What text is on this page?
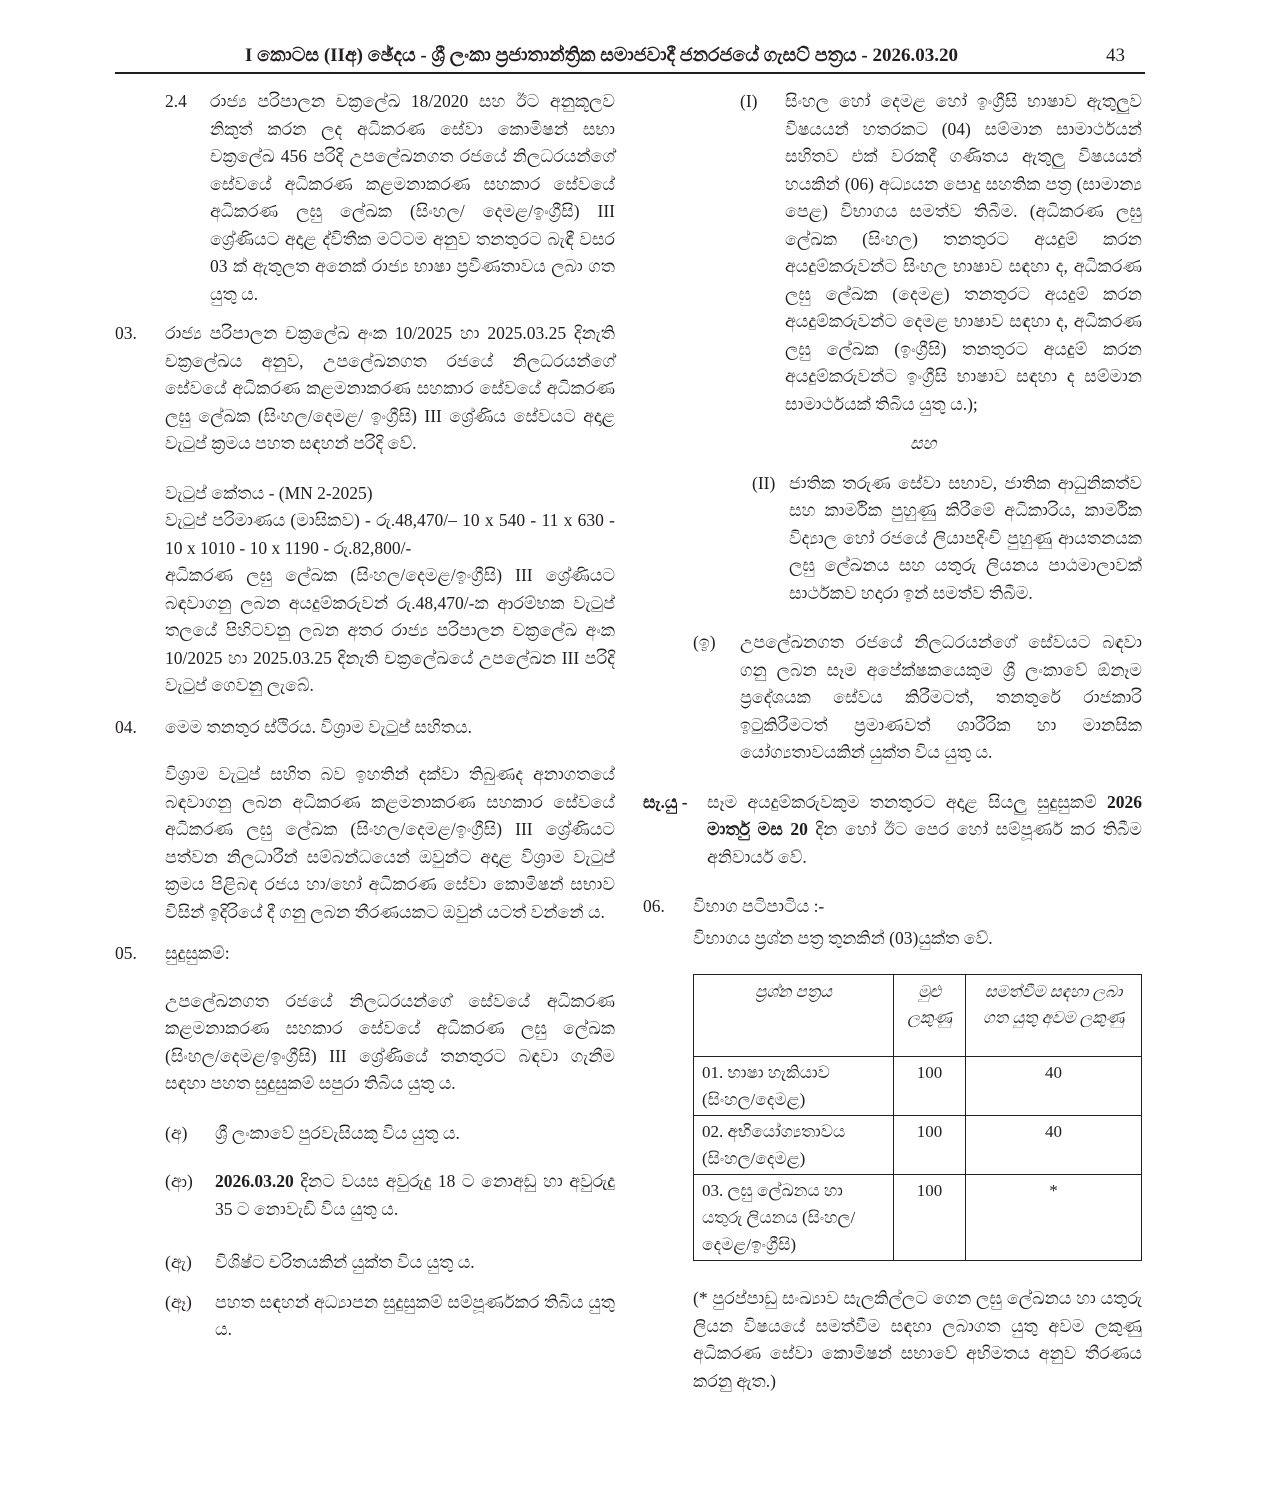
I කොටස (IIඅ) ඡේදය - ශ්‍රී ලංකා ප්‍රජාතාන්ත්‍රික සමාජවාදී ජනරජයේ ගැසට් පත්‍රය - 2026.03.20	43
2.4	රාජ්‍ය පරිපාලන චක්‍රලේඛ 18/2020 සහ ඊට අනුකූලව නිකුත් කරන ලද අධිකරණ සේවා කොමිෂන් සභා චක්‍රලේඛ 456 පරිදි උපලේඛනගත රජයේ නිලධරයන්ගේ සේවයේ අධිකරණ කළමනාකරණ සහකාර සේවයේ අධිකරණ ලඝු ලේඛක (සිංහල/ දෙමළ/ඉංග්‍රීසි) III ශ්‍රේණියට අදාළ ද්විතීක මට්ටම අනුව තනතුරට බැඳී වසර 03 ක් ඇතුලත අනෙක් රාජ්‍ය භාෂා ප්‍රවීණතාවය ලබා ගත යුතු ය.
03.	රාජ්‍ය පරිපාලන චක්‍රලේඛ අංක 10/2025 හා 2025.03.25 දිනැති චක්‍රලේඛය අනුව, උපලේඛනගත රජයේ නිලධරයන්ගේ සේවයේ අධිකරණ කළමනාකරණ සහකාර සේවයේ අධිකරණ ලඝු ලේඛක (සිංහල/දෙමළ/ ඉංග්‍රීසි) III ශ්‍රේණිය සේවයට අදාළ වැටුප් ක්‍රමය පහත සඳහන් පරිදි වේ.
වැටුප් කේතය - (MN 2-2025)
වැටුප් පරිමාණය (මාසිකව) - රු.48,470/– 10 x 540 - 11 x 630 - 10 x 1010 - 10 x 1190 - රු.82,800/-
අධිකරණ ලඝු ලේඛක (සිංහල/දෙමළ/ඉංග්‍රීසි) III ශ්‍රේණියට බඳවාගනු ලබන අයදුම්කරුවන් රු.48,470/-ක ආරම්භක වැටුප් තලයේ පිහිටවනු ලබන අතර රාජ්‍ය පරිපාලන චක්‍රලේඛ අංක 10/2025 හා 2025.03.25 දිනැති චක්‍රලේඛයේ උපලේඛන III පරිදි වැටුප් ගෙවනු ලැබේ.
04.	මෙම තනතුර ස්ථිරය. විශ්‍රාම වැටුප් සහිතය.
විශ්‍රාම වැටුප් සහිත බව ඉහතින් දක්වා තිබුණද අනාගතයේ බඳවාගනු ලබන අධිකරණ කළමනාකරණ සහකාර සේවයේ අධිකරණ ලඝු ලේඛක (සිංහල/දෙමළ/ඉංග්‍රීසි) III ශ්‍රේණියට පත්වන නිලධාරීන් සම්බන්ධයෙන් ඔවුන්ට අදාළ විශ්‍රාම වැටුප් ක්‍රමය පිළිබඳ රජය හා/හෝ අධිකරණ සේවා කොමිෂන් සභාව විසින් ඉදිරියේ දී ගනු ලබන තීරණයකට ඔවුන් යටත් වන්නේ ය.
05.	සුදුසුකම්:
උපලේඛනගත රජයේ නිලධරයන්ගේ සේවයේ අධිකරණ කළමනාකරණ සහකාර සේවයේ අධිකරණ ලඝු ලේඛක (සිංහල/දෙමළ/ඉංග්‍රීසි) III ශ්‍රේණියේ තනතුරට බඳවා ගැනීම සඳහා පහත සුදුසුකම් සපුරා තිබිය යුතු ය.
(අ)	ශ්‍රී ලංකාවේ පුරවැසියකු විය යුතු ය.
(ආ)	2026.03.20 දිනට වයස අවුරුදු 18 ට නොඅඩු හා අවුරුදු 35 ට නොවැඩි විය යුතු ය.
(ඇ)	විශිෂ්ට චරිතයකින් යුක්ත විය යුතු ය.
(ඈ)	පහත සඳහන් අධ්‍යාපන සුදුසුකම් සම්පූර්ණකර තිබිය යුතු ය.
(I)	සිංහල හෝ දෙමළ හෝ ඉංග්‍රීසි භාෂාව ඇතුලුව විෂයයන් හතරකට (04) සම්මාන සාමාර්ථයන් සහිතව එක් වරකදී ගණිතය ඇතුලු විෂයයන් හයකින් (06) අධ්‍යයන පොදු සහතික පත්‍ර (සාමාන්‍ය පෙළ) විභාගය සමත්ව තිබීම. (අධිකරණ ලඝු ලේඛක (සිංහල) තනතුරට අයදුම් කරන අයදුම්කරුවන්ට සිංහල භාෂාව සඳහා ද, අධිකරණ ලඝු ලේඛක (දෙමළ) තනතුරට අයදුම් කරන අයදුම්කරුවන්ට දෙමළ භාෂාව සඳහා ද, අධිකරණ ලඝු ලේඛක (ඉංග්‍රීසි) තනතුරට අයදුම් කරන අයදුම්කරුවන්ට ඉංග්‍රීසි භාෂාව සඳහා ද සම්මාන සාමාර්ථයක් තිබිය යුතු ය.);
සහ
(II) ජාතික තරුණ සේවා සභාව, ජාතික ආධුනිකත්ව සහ කාර්මික පුහුණු කිරීමේ අධිකාරිය, කාර්මික විද්‍යාල හෝ රජයේ ලියාපදිංචි පුහුණු ආයතනයක ලඝු ලේඛනය සහ යතුරු ලියනය පාඨමාලාවක් සාර්ථකව හදාරා ඉන් සමත්ව තිබීම.
(ඉ)	උපලේඛනගත රජයේ නිලධරයන්ගේ සේවයට බඳවා ගනු ලබන සෑම අපේක්ෂකයෙකුම ශ්‍රී ලංකාවේ ඕනෑම ප්‍රදේශයක සේවය කිරීමටත්, තනතුරේ රාජකාරි ඉටුකිරීමටත් ප්‍රමාණවත් ශාරීරික හා මානසික යෝග්‍යතාවයකින් යුක්ත විය යුතු ය.
සැ.යු -	සෑම අයදුම්කරුවකුම තනතුරට අදාළ සියලු සුදුසුකම් 2026 මාර්තු මස 20 දින හෝ ඊට පෙර හෝ සම්පූර්ණ කර තිබීම අනිවාර්ය වේ.
06.	විභාග පටිපාටිය :-
විභාගය ප්‍රශ්න පත්‍ර තුනකින් (03)යුක්ත වේ.
ප්‍රශ්න පත්‍රය	මුළු ලකුණු	සමත්වීම සඳහා ලබා ගත යුතු අවම ලකුණු
01. භාෂා හැකියාව (සිංහල/දෙමළ)	100	40
02. අභියෝග්‍යතාවය (සිංහල/දෙමළ)	100	40
03. ලඝු ලේඛනය හා යතුරු ලියනය (සිංහල/ දෙමළ/ඉංග්‍රීසි)	100	*
(* පුරප්පාඩු සංඛ්‍යාව සැලකිල්ලට ගෙන ලඝු ලේඛනය හා යතුරු ලියන විෂයයේ සමත්වීම සඳහා ලබාගත යුතු අවම ලකුණු අධිකරණ සේවා කොමිෂන් සභාවේ අභිමතය අනුව තීරණය කරනු ඇත.)
